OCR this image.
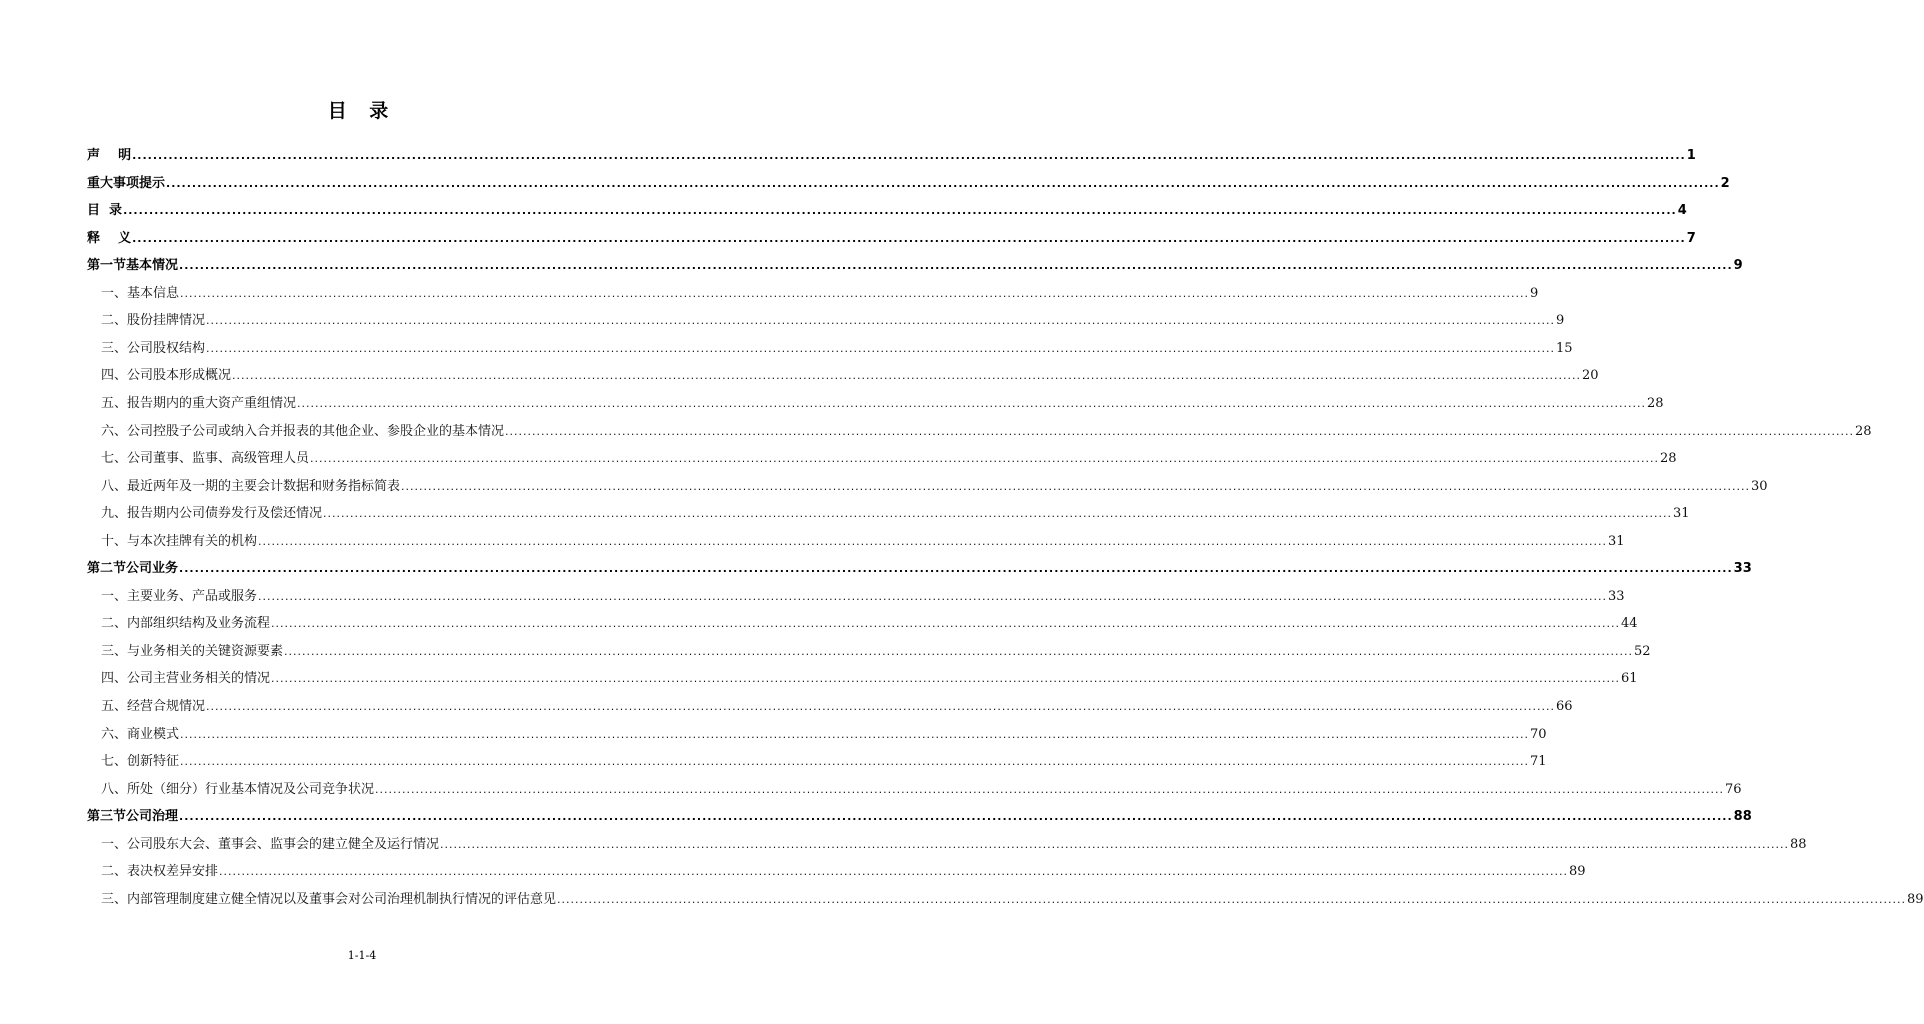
目 录
声    明 ............................................................................................................................................................................................................................................................................................................ 1
重大事项提示 ............................................................................................................................................................................................................................................................................................................ 2
目  录 ............................................................................................................................................................................................................................................................................................................ 4
释    义 ............................................................................................................................................................................................................................................................................................................ 7
第一节 基本情况 ............................................................................................................................................................................................................................................................................................................ 9
一、 基本信息 ............................................................................................................................................................................................................................................................................................................ 9
二、 股份挂牌情况 ............................................................................................................................................................................................................................................................................................................ 9
三、 公司股权结构 ............................................................................................................................................................................................................................................................................................................ 15
四、 公司股本形成概况 ............................................................................................................................................................................................................................................................................................................ 20
五、 报告期内的重大资产重组情况 ............................................................................................................................................................................................................................................................................................................ 28
六、 公司控股子公司或纳入合并报表的其他企业、参股企业的基本情况 ............................................................................................................................................................................................................................................................................................................ 28
七、 公司董事、监事、高级管理人员 ............................................................................................................................................................................................................................................................................................................ 28
八、 最近两年及一期的主要会计数据和财务指标简表 ............................................................................................................................................................................................................................................................................................................ 30
九、 报告期内公司债券发行及偿还情况 ............................................................................................................................................................................................................................................................................................................ 31
十、 与本次挂牌有关的机构 ............................................................................................................................................................................................................................................................................................................ 31
第二节 公司业务 ............................................................................................................................................................................................................................................................................................................ 33
一、 主要业务、产品或服务 ............................................................................................................................................................................................................................................................................................................ 33
二、 内部组织结构及业务流程 ............................................................................................................................................................................................................................................................................................................ 44
三、 与业务相关的关键资源要素 ............................................................................................................................................................................................................................................................................................................ 52
四、 公司主营业务相关的情况 ............................................................................................................................................................................................................................................................................................................ 61
五、 经营合规情况 ............................................................................................................................................................................................................................................................................................................ 66
六、 商业模式 ............................................................................................................................................................................................................................................................................................................ 70
七、 创新特征 ............................................................................................................................................................................................................................................................................................................ 71
八、 所处（细分）行业基本情况及公司竞争状况 ............................................................................................................................................................................................................................................................................................................ 76
第三节 公司治理 ............................................................................................................................................................................................................................................................................................................ 88
一、 公司股东大会、董事会、监事会的建立健全及运行情况 ............................................................................................................................................................................................................................................................................................................ 88
二、 表决权差异安排 ............................................................................................................................................................................................................................................................................................................ 89
三、 内部管理制度建立健全情况以及董事会对公司治理机制执行情况的评估意见 ............................................................................................................................................................................................................................................................................................................ 89
1-1-4
